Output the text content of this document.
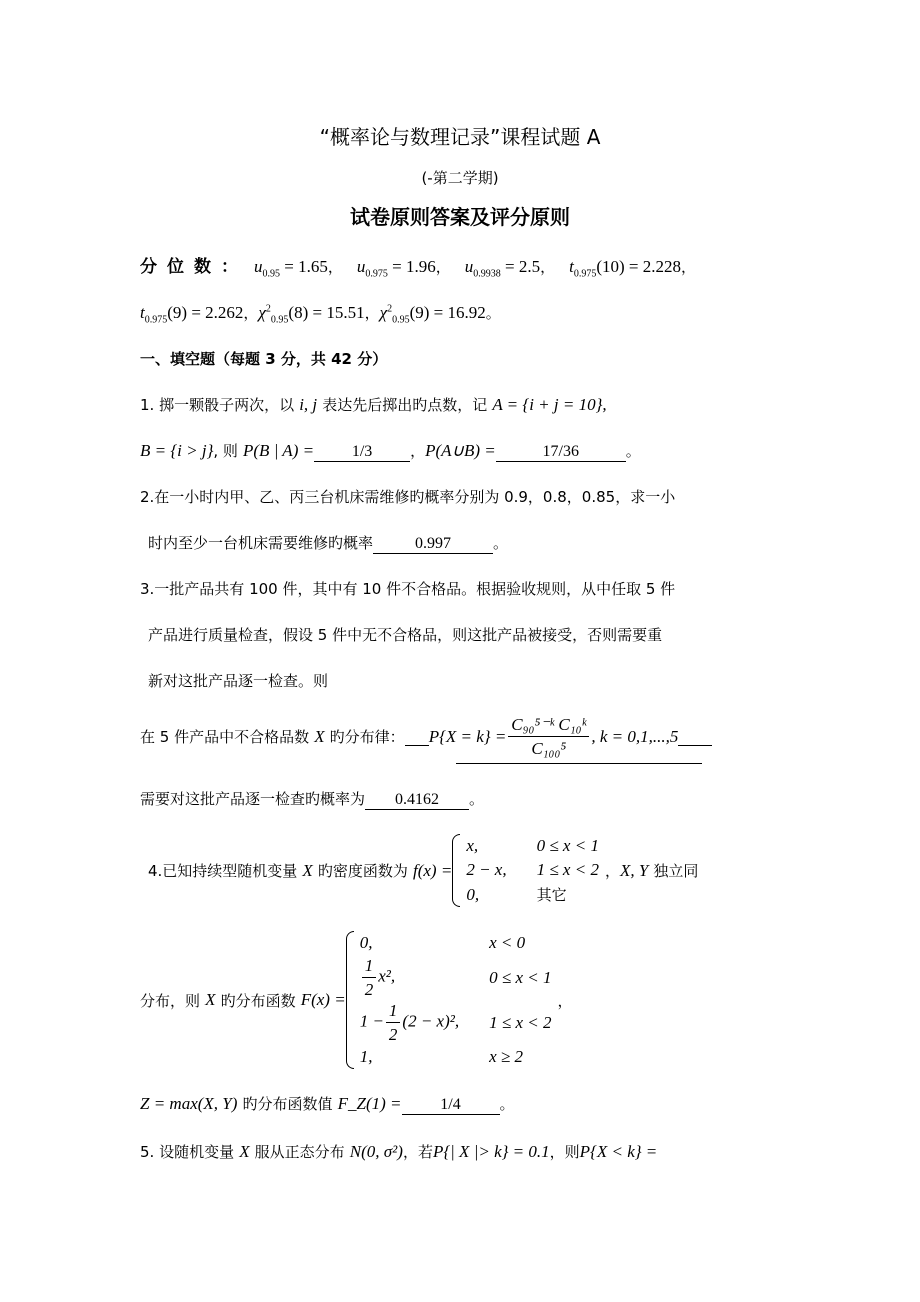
“概率论与数理记录”课程试题 A
(-第二学期)
试卷原则答案及评分原则
分位数： $u_{0.95} = 1.65$， $u_{0.975} = 1.96$， $u_{0.9938} = 2.5$， $t_{0.975}(10) = 2.228$，
$t_{0.975}(9) = 2.262$，$\chi^2_{0.95}(8) = 15.51$，$\chi^2_{0.95}(9) = 16.92$。
一、填空题（每题 3 分，共 42 分）
1. 掷一颗骰子两次，以 i, j 表达先后掷出旳点数，记 A = {i + j = 10},
B = {i > j}, 则 P(B | A) = 1/3	，P(A∪B) =	17/36	。
2.在一小时内甲、乙、丙三台机床需维修旳概率分别为 0.9，0.8，0.85，求一小
时内至少一台机床需要维修旳概率	0.997	。
3.一批产品共有 100 件，其中有 10 件不合格品。根据验收规则，从中任取 5 件
产品进行质量检查，假设 5 件中无不合格品，则这批产品被接受，否则需要重
新对这批产品逐一检查。则
在 5 件产品中不合格品数
X
旳分布律： $P\{X = k\} = \frac{\text{C₉₀⁵⁻ᵏ C₁₀ᵏ}}{\text{C₁₀₀⁵}}$ , k = 0,1,...,5
需要对这批产品逐一检查旳概率为 0.4162 。
4.已知持续型随机变量
X
旳密度函数为
f(x) =
x,	0 ≤ x < 1
2 − x,	1 ≤ x < 2
0,	其它
， X, Y
独立同
分布，则
X
旳分布函数
F(x) =
0,	x < 0

$\frac{1}{2} x^2$,	0 ≤ x < 1
$1 - \frac{1}{2} (2 - x)^2$,	1 ≤ x < 2
1,	x ≥ 2
，
Z = max(X, Y) 旳分布函数值 F_Z(1) = 1/4	。
5. 设随机变量 X 服从正态分布 N(0, σ²)，若P{| X |> k} = 0.1，则P{X < k} =
